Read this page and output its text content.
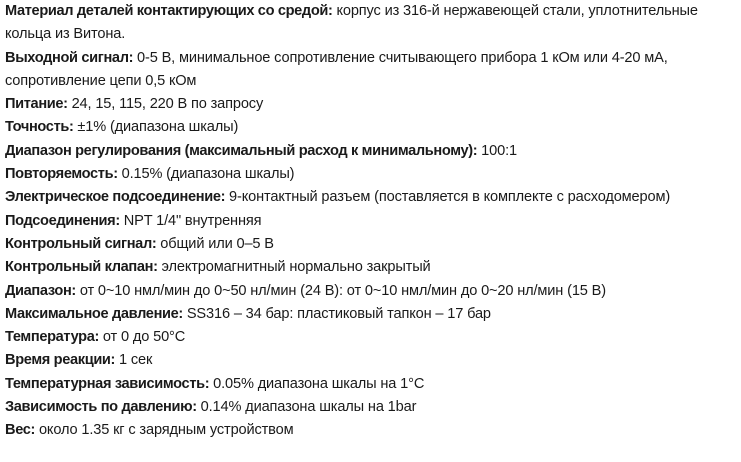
Материал деталей контактирующих со средой: корпус из 316-й нержавеющей стали, уплотнительные кольца из Витона.
Выходной сигнал: 0-5 В, минимальное сопротивление считывающего прибора 1 кОм или 4-20 мА, сопротивление цепи 0,5 кОм
Питание: 24, 15, 115, 220 В по запросу
Точность: ±1% (диапазона шкалы)
Диапазон регулирования (максимальный расход к минимальному): 100:1
Повторяемость: 0.15% (диапазона шкалы)
Электрическое подсоединение: 9-контактный разъем (поставляется в комплекте с расходомером)
Подсоединения: NPT 1/4" внутренняя
Контрольный сигнал: общий или 0–5 В
Контрольный клапан: электромагнитный нормально закрытый
Диапазон: от 0~10 нмл/мин до 0~50 нл/мин (24 В): от 0~10 нмл/мин до 0~20 нл/мин (15 В)
Максимальное давление: SS316 – 34 бар: пластиковый тапкон – 17 бар
Температура: от 0 до 50°С
Время реакции: 1 сек
Температурная зависимость: 0.05% диапазона шкалы на 1°С
Зависимость по давлению: 0.14% диапазона шкалы на 1bar
Вес: около 1.35 кг с зарядным устройством
